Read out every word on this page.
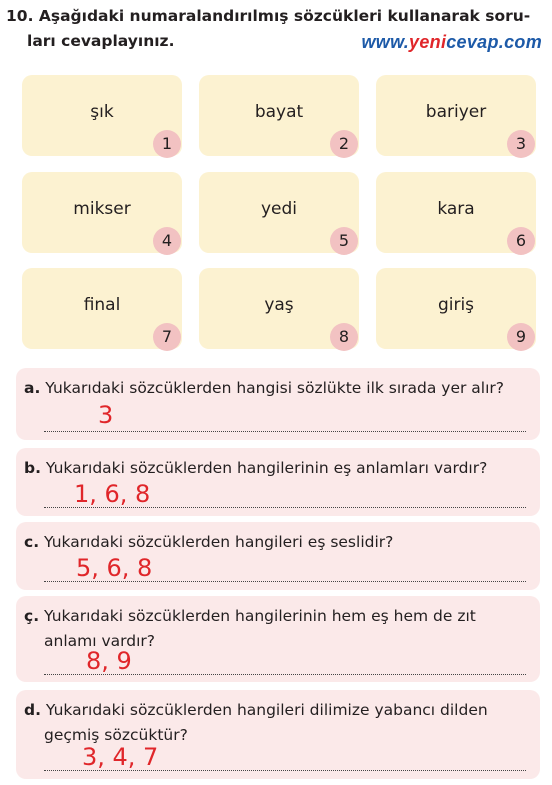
10. Aşağıdaki numaralandırılmış sözcükleri kullanarak soru-
ları cevaplayınız.	www.yenicevap.com
şık
1
bayat
2
bariyer
3
mikser
4
yedi
5
kara
6
final
7
yaş
8
giriş
9
a. Yukarıdaki sözcüklerden hangisi sözlükte ilk sırada yer alır?
3
b. Yukarıdaki sözcüklerden hangilerinin eş anlamları vardır?
1, 6, 8
c. Yukarıdaki sözcüklerden hangileri eş seslidir?
5, 6, 8
ç. Yukarıdaki sözcüklerden hangilerinin hem eş hem de zıt
anlamı vardır?
8, 9
d. Yukarıdaki sözcüklerden hangileri dilimize yabancı dilden
geçmiş sözcüktür?
3, 4, 7
